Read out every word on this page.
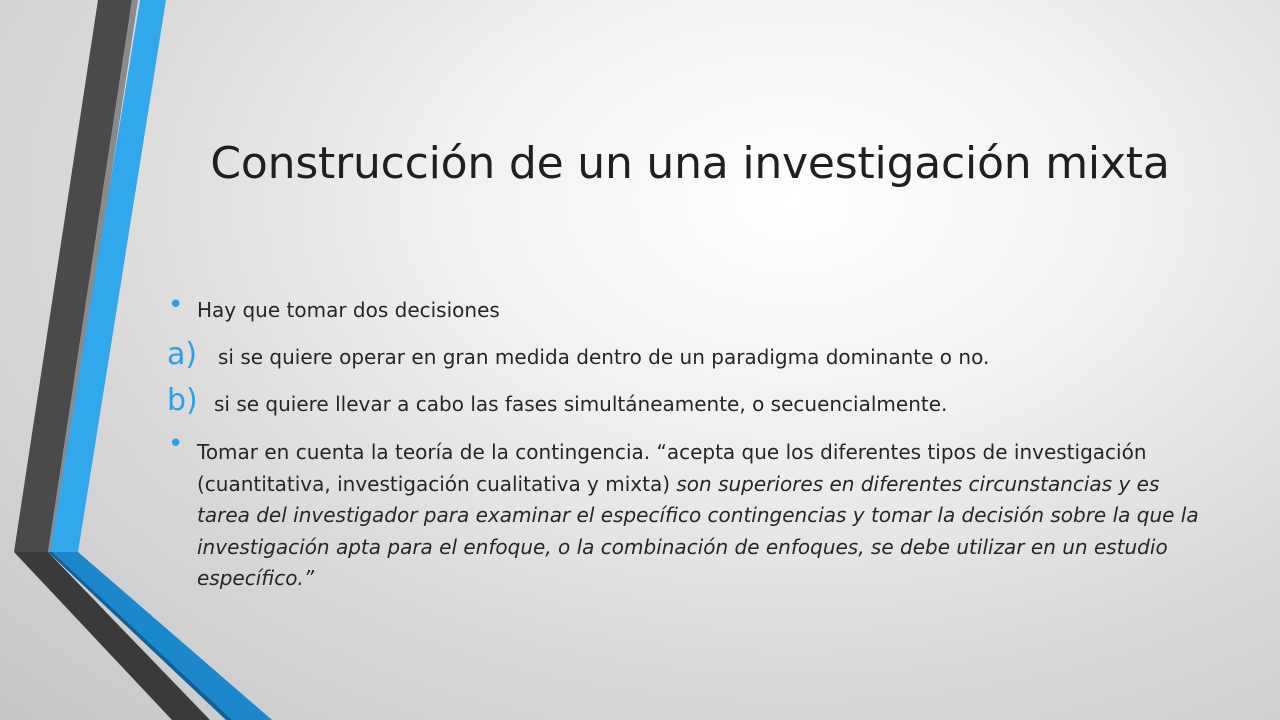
Construcción de un una investigación mixta
• Hay que tomar dos decisiones
a) si se quiere operar en gran medida dentro de un paradigma dominante o no.
b) si se quiere llevar a cabo las fases simultáneamente, o secuencialmente.
• Tomar en cuenta la teoría de la contingencia. “acepta que los diferentes tipos de investigación (cuantitativa, investigación cualitativa y mixta) son superiores en diferentes circunstancias y es tarea del investigador para examinar el específico contingencias y tomar la decisión sobre la que la investigación apta para el enfoque, o la combinación de enfoques, se debe utilizar en un estudio específico.”
